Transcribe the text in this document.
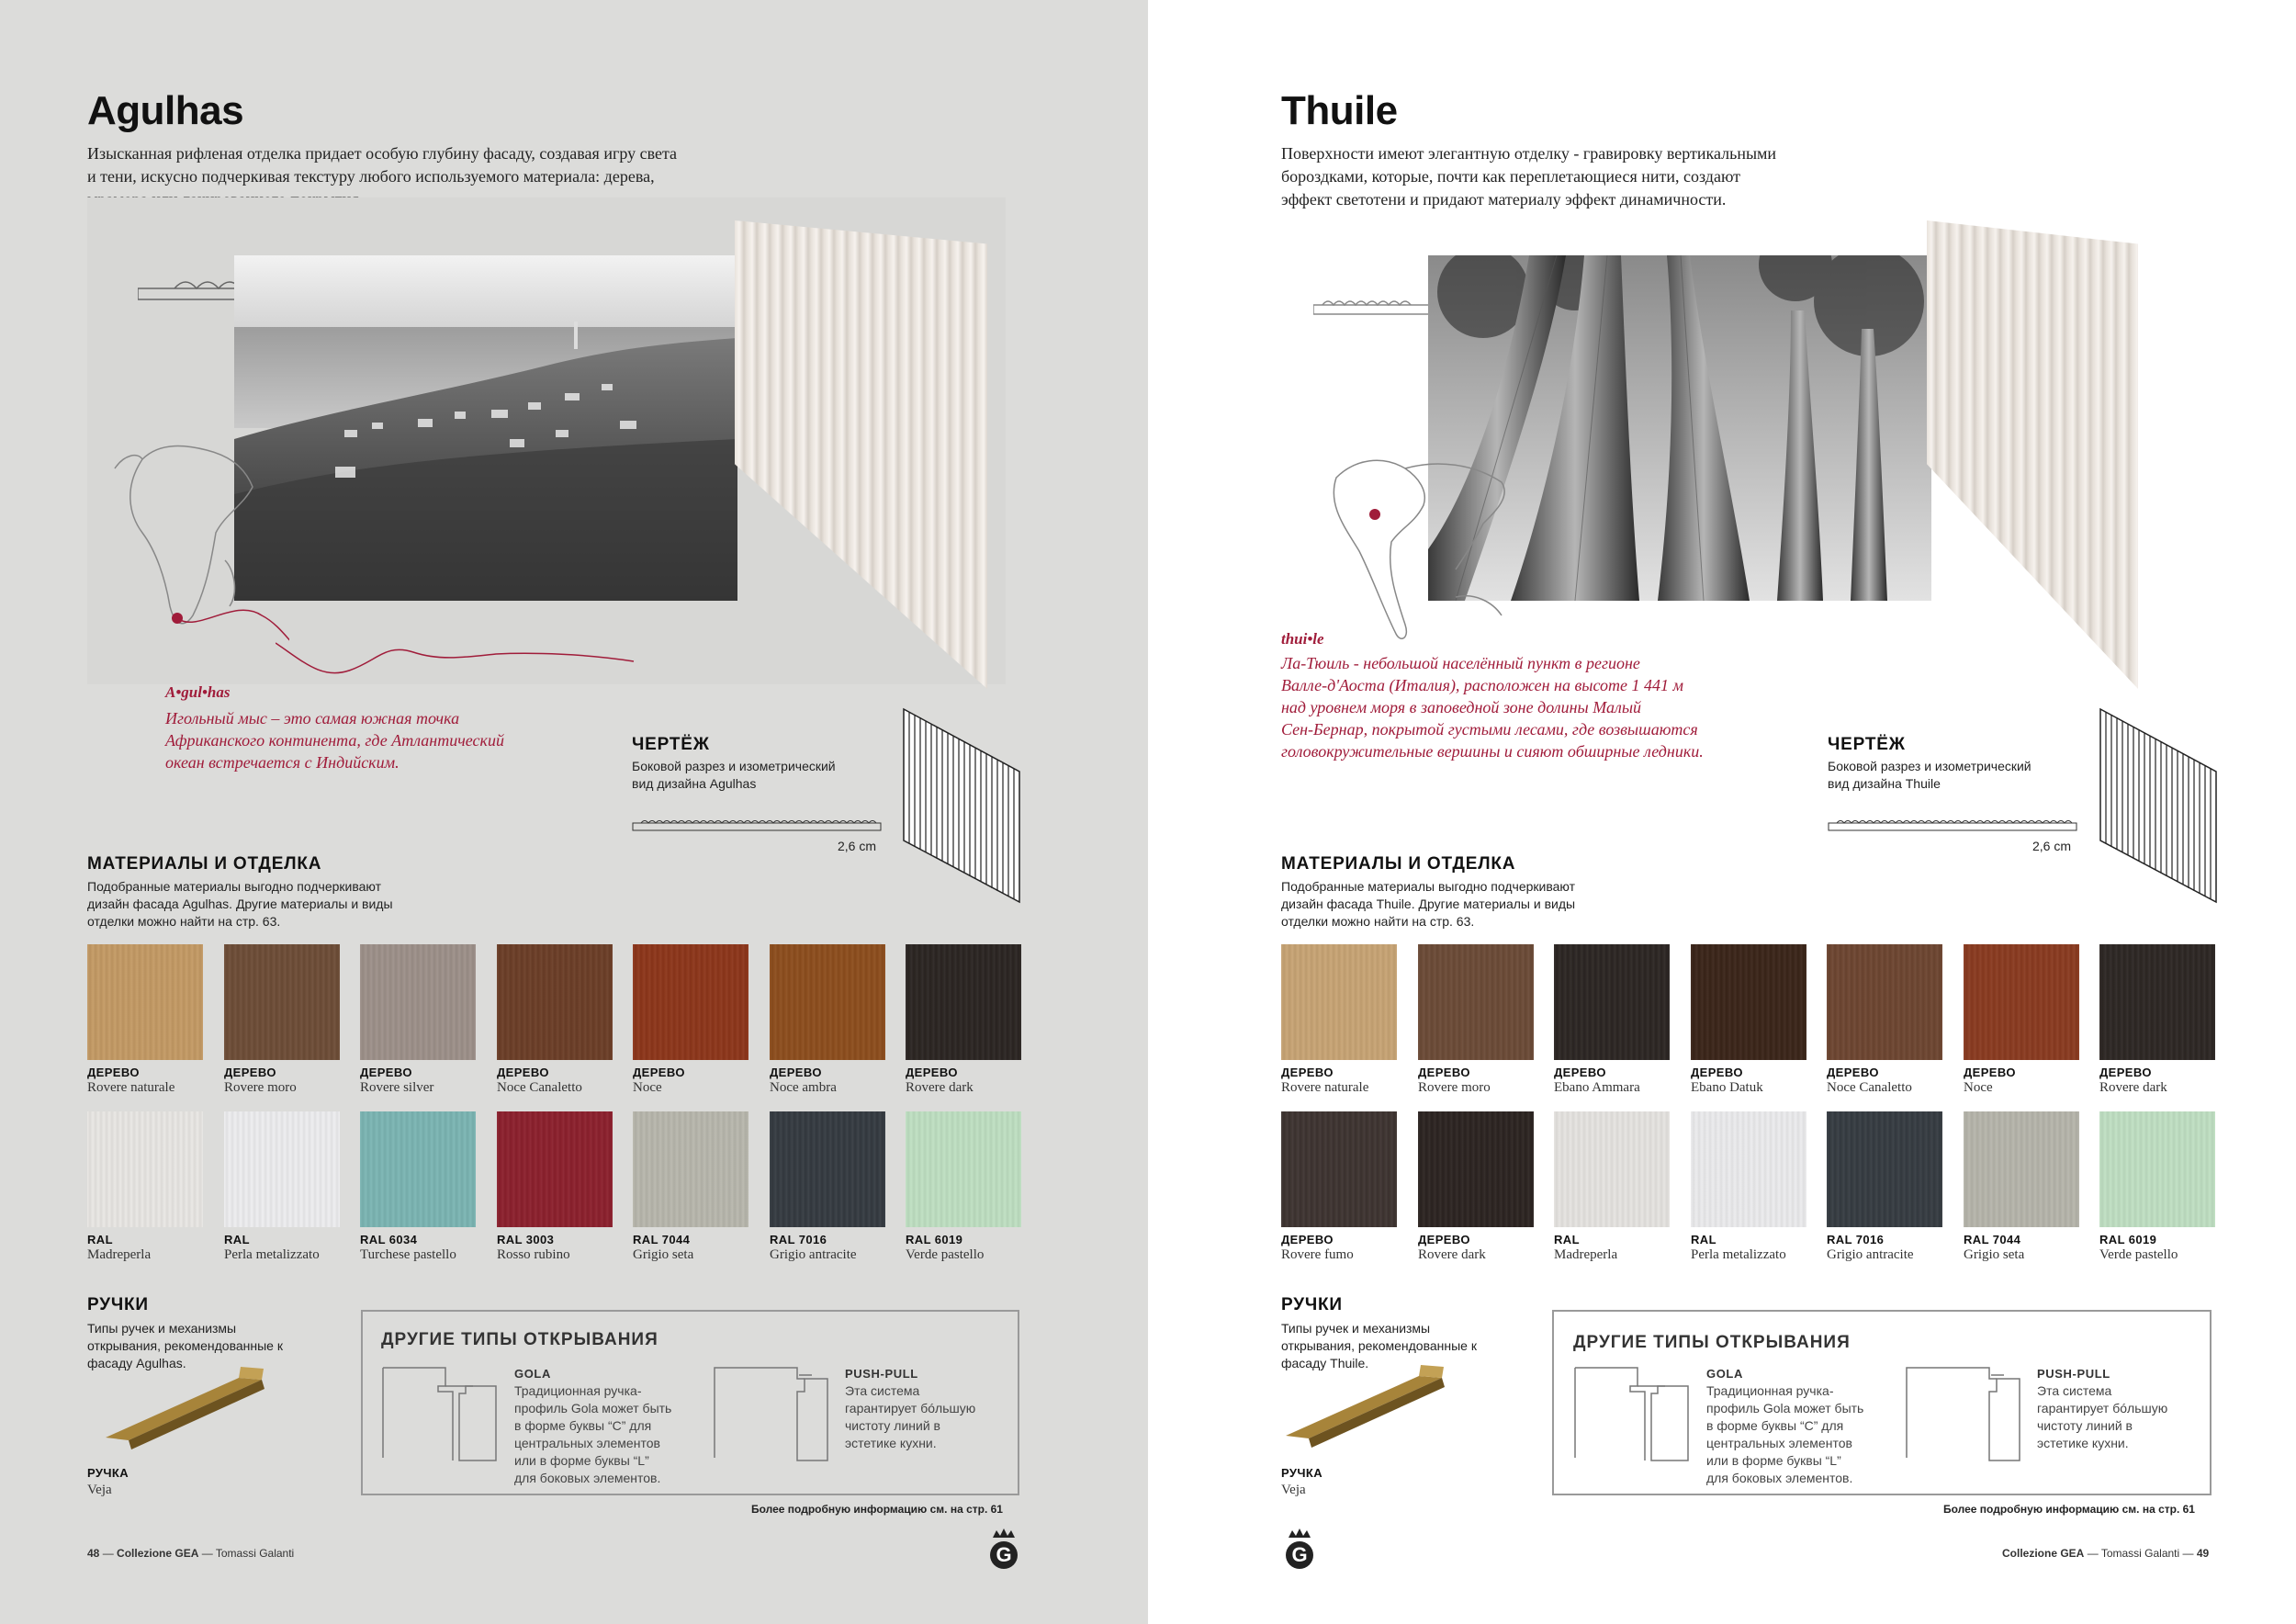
Agulhas
Изысканная рифленая отделка придает особую глубину фасаду, создавая игру света
и тени, искусно подчеркивая текстуру любого используемого материала: дерева,
A•gul•has
Игольный мыс – это самая южная точка
Африканского континента, где Атлантический
океан встречается с Индийским.
ЧЕРТЁЖ
Боковой разрез и изометрический
вид дизайна Agulhas
2,6 cm
МАТЕРИАЛЫ И ОТДЕЛКА
Подобранные материалы выгодно подчеркивают
дизайн фасада Agulhas. Другие материалы и виды
отделки можно найти на стр. 63.
ДЕРЕВО
Rovere naturale
ДЕРЕВО
Rovere moro
ДЕРЕВО
Rovere silver
ДЕРЕВО
Noce Canaletto
ДЕРЕВО
Noce
ДЕРЕВО
Noce ambra
ДЕРЕВО
Rovere dark
RAL
Madreperla
RAL
Perla metalizzato
RAL 6034
Turchese pastello
RAL 3003
Rosso rubino
RAL 7044
Grigio seta
RAL 7016
Grigio antracite
RAL 6019
Verde pastello
РУЧКИ
Типы ручек и механизмы
открывания, рекомендованные к
фасаду Agulhas.
РУЧКА
Veja
ДРУГИЕ ТИПЫ ОТКРЫВАНИЯ
GOLA
Традиционная ручка-
профиль Gola может быть
в форме буквы “C” для
центральных элементов
или в форме буквы “L”
для боковых элементов.
PUSH-PULL
Эта система
гарантирует бóльшую
чистоту линий в
эстетике кухни.
Более подробную информацию см. на стр. 61
48 — Collezione GEA — Tomassi Galanti	G
Thuile
Поверхности имеют элегантную отделку - гравировку вертикальными
бороздками, которые, почти как переплетающиеся нити, создают
эффект светотени и придают материалу эффект динамичности.
thui•le
Ла-Тюиль - небольшой населённый пункт в регионе
Валле-д'Аоста (Италия), расположен на высоте 1 441 м
над уровнем моря в заповедной зоне долины Малый
Сен-Бернар, покрытой густыми лесами, где возвышаются
головокружительные вершины и сияют обширные ледники.	ЧЕРТЁЖ
Боковой разрез и изометрический
вид дизайна Thuile
2,6 cm
МАТЕРИАЛЫ И ОТДЕЛКА
Подобранные материалы выгодно подчеркивают
дизайн фасада Thuile. Другие материалы и виды
отделки можно найти на стр. 63.
ДЕРЕВО
Rovere naturale
ДЕРЕВО
Rovere moro
ДЕРЕВО
Ebano Ammara
ДЕРЕВО
Ebano Datuk
ДЕРЕВО
Noce Canaletto
ДЕРЕВО
Noce
ДЕРЕВО
Rovere dark
ДЕРЕВО
Rovere fumo
ДЕРЕВО
Rovere dark
RAL
Madreperla
RAL
Perla metalizzato
RAL 7016
Grigio antracite
RAL 7044
Grigio seta
RAL 6019
Verde pastello
РУЧКИ
Типы ручек и механизмы
открывания, рекомендованные к
фасаду Thuile.
РУЧКА
Veja
ДРУГИЕ ТИПЫ ОТКРЫВАНИЯ
GOLA
Традиционная ручка-
профиль Gola может быть
в форме буквы “C” для
центральных элементов
или в форме буквы “L”
для боковых элементов.
PUSH-PULL
Эта система
гарантирует бóльшую
чистоту линий в
эстетике кухни.
Более подробную информацию см. на стр. 61
Collezione GEA — Tomassi Galanti — 49
G
